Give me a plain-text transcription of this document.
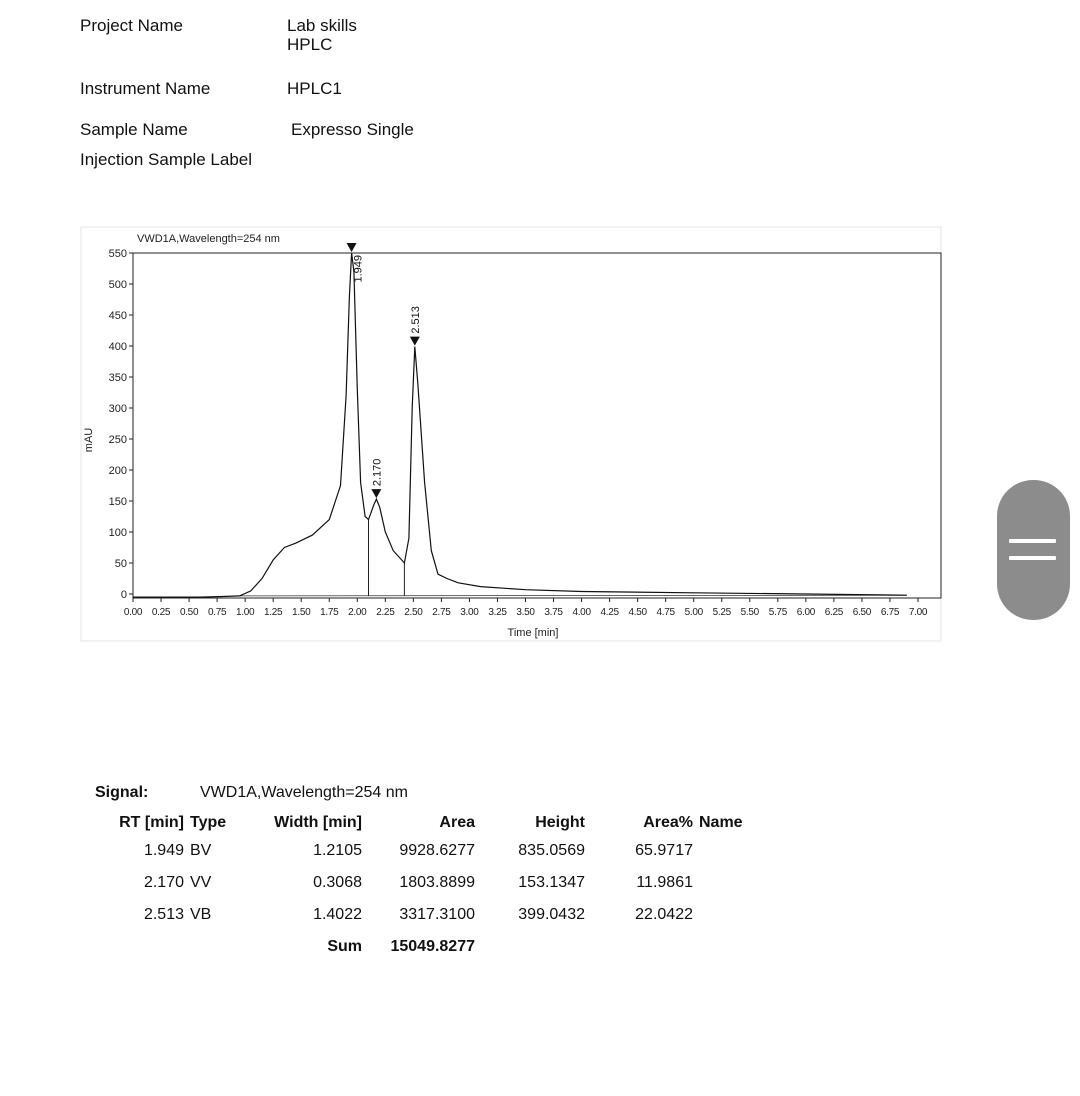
Project Name	Lab skills
HPLC
Instrument Name	HPLC1
Sample Name	Expresso Single
Injection Sample Label
VWD1A,Wavelength=254 nm
0
50
100
150
200
250
300
350
400
450
500
550
0.00 0.25 0.50 0.75 1.00 1.25 1.50 1.75 2.00 2.25 2.50 2.75 3.00 3.25 3.50 3.75 4.00 4.25 4.50 4.75 5.00 5.25 5.50 5.75 6.00 6.25 6.50 6.75 7.00
mAU
Time [min]
1.949
2.170
2.513
Signal:	VWD1A,Wavelength=254 nm
RT [min]	Type	Width [min]	Area	Height	Area%	Name
1.949	BV	1.2105	9928.6277	835.0569	65.9717	
2.170	VV	0.3068	1803.8899	153.1347	11.9861	
2.513	VB	1.4022	3317.3100	399.0432	22.0422	
		Sum	15049.8277			
